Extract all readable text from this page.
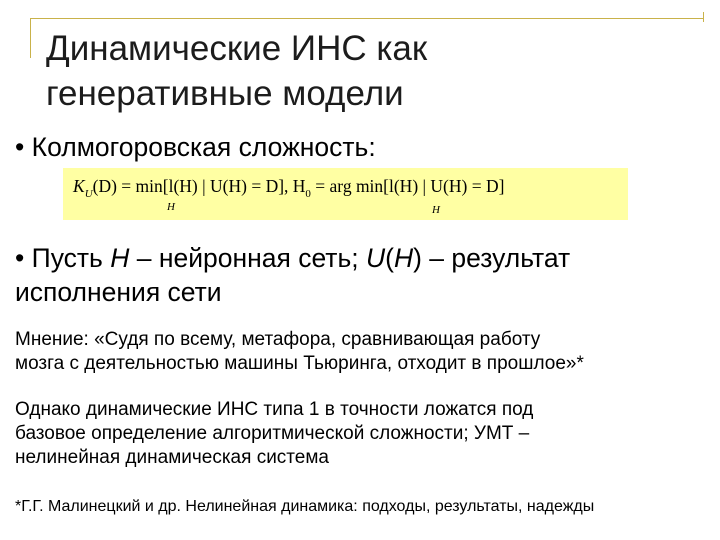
Динамические ИНС как
генеративные модели
• Колмогоровская сложность:
$K_U(D) = \min[l(H)$ | U(H) = D], $H_0$ = arg min[l(H) | U(H) = D]
H	H
• Пусть H – нейронная сеть; U(H) – результат
исполнения сети
Мнение: «Судя по всему, метафора, сравнивающая работу
мозга с деятельностью машины Тьюринга, отходит в прошлое»*
Однако динамические ИНС типа 1 в точности ложатся под
базовое определение алгоритмической сложности; УМТ –
нелинейная динамическая система
*Г.Г. Малинецкий и др. Нелинейная динамика: подходы, результаты, надежды
